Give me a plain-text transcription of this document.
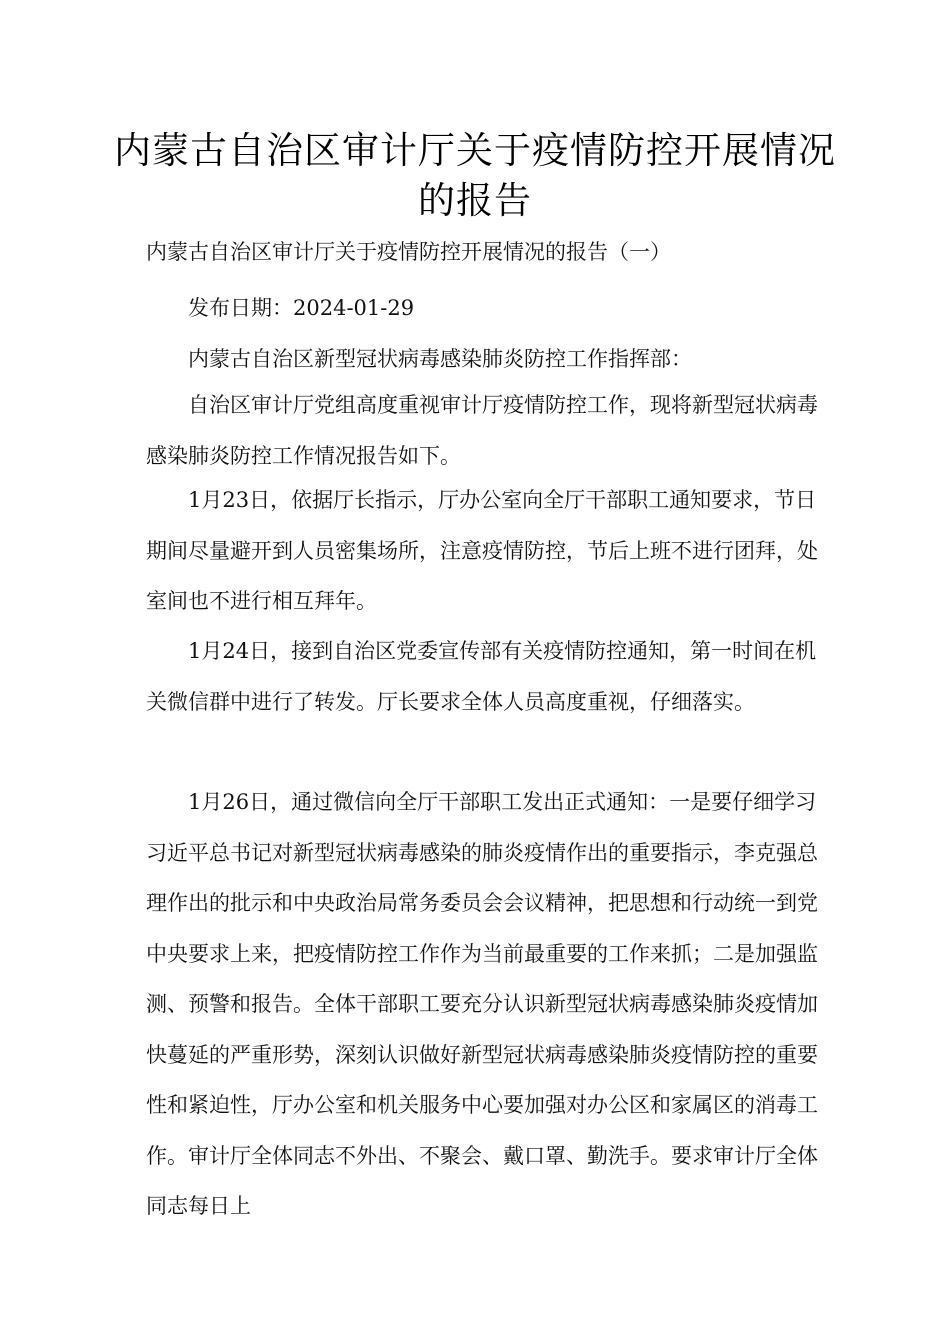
内蒙古自治区审计厅关于疫情防控开展情况的报告
内蒙古自治区审计厅关于疫情防控开展情况的报告（一）
发布日期：2024-01-29
内蒙古自治区新型冠状病毒感染肺炎防控工作指挥部：
自治区审计厅党组高度重视审计厅疫情防控工作，现将新型冠状病毒感染肺炎防控工作情况报告如下。
1月23日，依据厅长指示，厅办公室向全厅干部职工通知要求，节日期间尽量避开到人员密集场所，注意疫情防控，节后上班不进行团拜，处室间也不进行相互拜年。
1月24日，接到自治区党委宣传部有关疫情防控通知，第一时间在机关微信群中进行了转发。厅长要求全体人员高度重视，仔细落实。
1月26日，通过微信向全厅干部职工发出正式通知：一是要仔细学习习近平总书记对新型冠状病毒感染的肺炎疫情作出的重要指示，李克强总理作出的批示和中央政治局常务委员会会议精神，把思想和行动统一到党中央要求上来，把疫情防控工作作为当前最重要的工作来抓；二是加强监测、预警和报告。全体干部职工要充分认识新型冠状病毒感染肺炎疫情加快蔓延的严重形势，深刻认识做好新型冠状病毒感染肺炎疫情防控的重要性和紧迫性，厅办公室和机关服务中心要加强对办公区和家属区的消毒工作。审计厅全体同志不外出、不聚会、戴口罩、勤洗手。要求审计厅全体同志每日上
